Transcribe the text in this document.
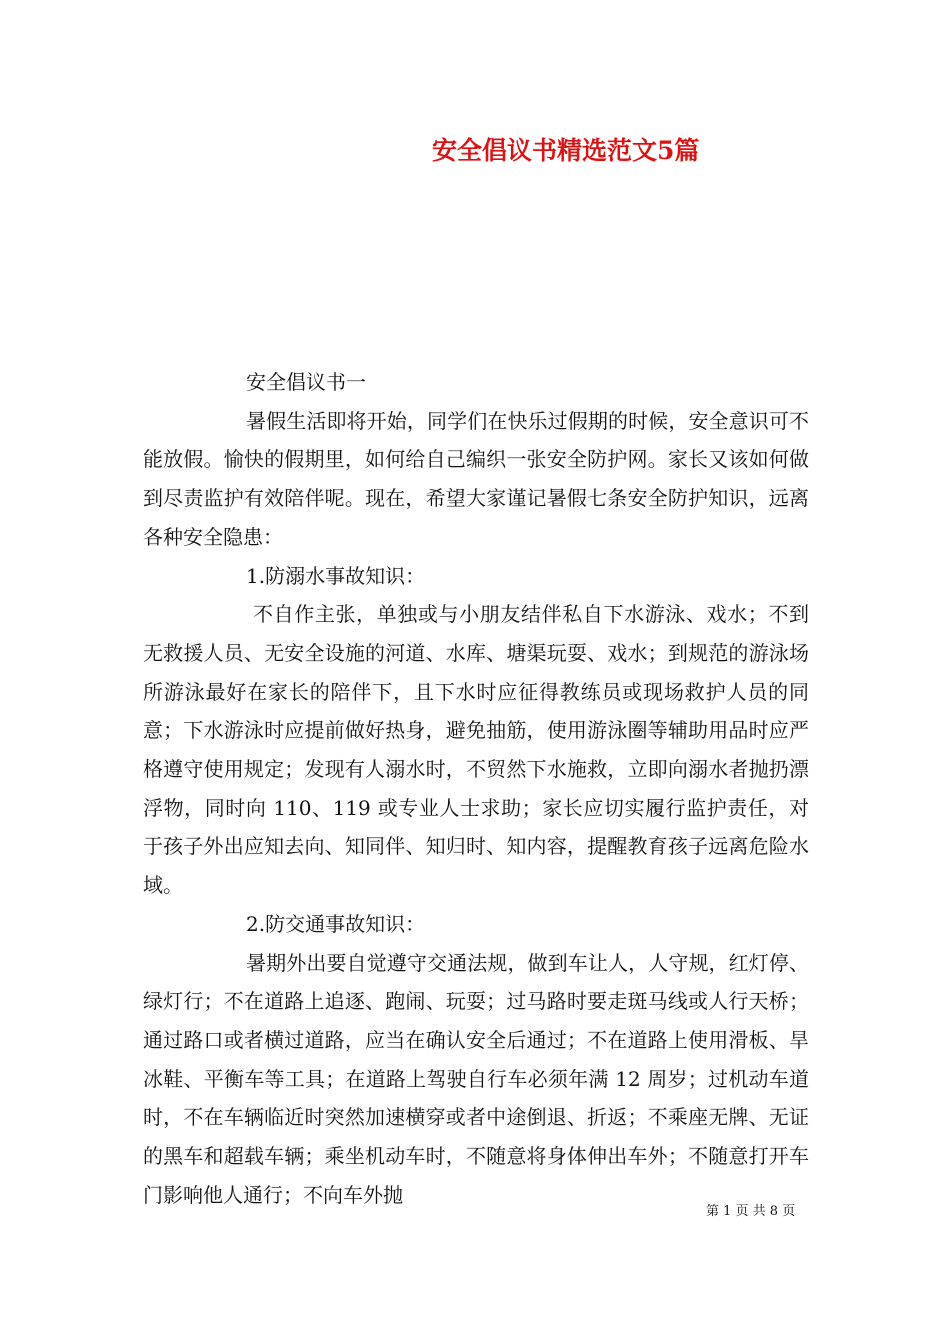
安全倡议书精选范文5篇

安全倡议书一

暑假生活即将开始，同学们在快乐过假期的时候，安全意识可不能放假。愉快的假期里，如何给自己编织一张安全防护网。家长又该如何做到尽责监护有效陪伴呢。现在，希望大家谨记暑假七条安全防护知识，远离各种安全隐患：

1.防溺水事故知识：

不自作主张，单独或与小朋友结伴私自下水游泳、戏水；不到无救援人员、无安全设施的河道、水库、塘渠玩耍、戏水；到规范的游泳场所游泳最好在家长的陪伴下，且下水时应征得教练员或现场救护人员的同意；下水游泳时应提前做好热身，避免抽筋，使用游泳圈等辅助用品时应严格遵守使用规定；发现有人溺水时，不贸然下水施救，立即向溺水者抛扔漂浮物，同时向 110、119 或专业人士求助；家长应切实履行监护责任，对于孩子外出应知去向、知同伴、知归时、知内容，提醒教育孩子远离危险水域。

2.防交通事故知识：

暑期外出要自觉遵守交通法规，做到车让人，人守规，红灯停、绿灯行；不在道路上追逐、跑闹、玩耍；过马路时要走斑马线或人行天桥；通过路口或者横过道路，应当在确认安全后通过；不在道路上使用滑板、旱冰鞋、平衡车等工具；在道路上驾驶自行车必须年满 12 周岁；过机动车道时，不在车辆临近时突然加速横穿或者中途倒退、折返；不乘座无牌、无证的黑车和超载车辆；乘坐机动车时，不随意将身体伸出车外；不随意打开车门影响他人通行；不向车外抛

第 1 页 共 8 页
